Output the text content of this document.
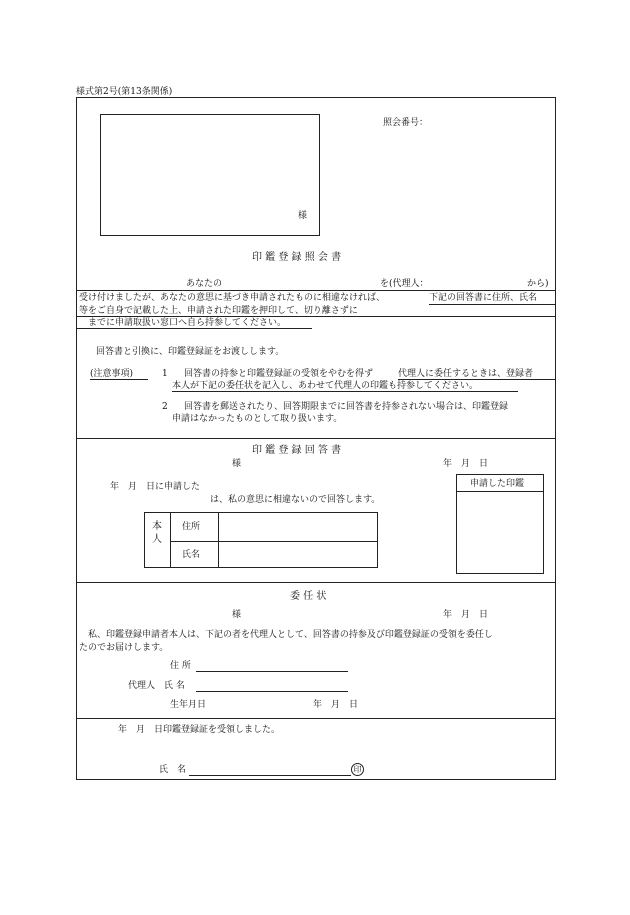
様式第2号(第13条関係)
様
照会番号：
印 鑑 登 録 照 会 書
あなたの	を(代理人：	から)
受け付けましたが、あなたの意思に基づき申請されたものに相違なければ、	下記の回答書に住所、氏名
等をご自身で記載した上、申請された印鑑を押印して、切り離さずに
までに申請取扱い窓口へ自ら持参してください。
回答書と引換に、印鑑登録証をお渡しします。
(注意事項)	1 回答書の持参と印鑑登録証の受領をやむを得ず	代理人に委任するときは、登録者
本人が下記の委任状を記入し、あわせて代理人の印鑑も持参してください。
2 回答書を郵送されたり、回答期限までに回答書を持参されない場合は、印鑑登録
申請はなかったものとして取り扱います。
印 鑑 登 録 回 答 書
様	年　月　日
年　月　日に申請した
は、私の意思に相違ないので回答します。
申請した印鑑
本人
住所
氏名
委 任 状
様	年　月　日
私、印鑑登録申請者本人は、下記の者を代理人として、回答書の持参及び印鑑登録証の受領を委任し
たのでお届けします。
住 所
代理人　氏 名
生年月日	年　月　日
年　月　日印鑑登録証を受領しました。
氏　名	印
